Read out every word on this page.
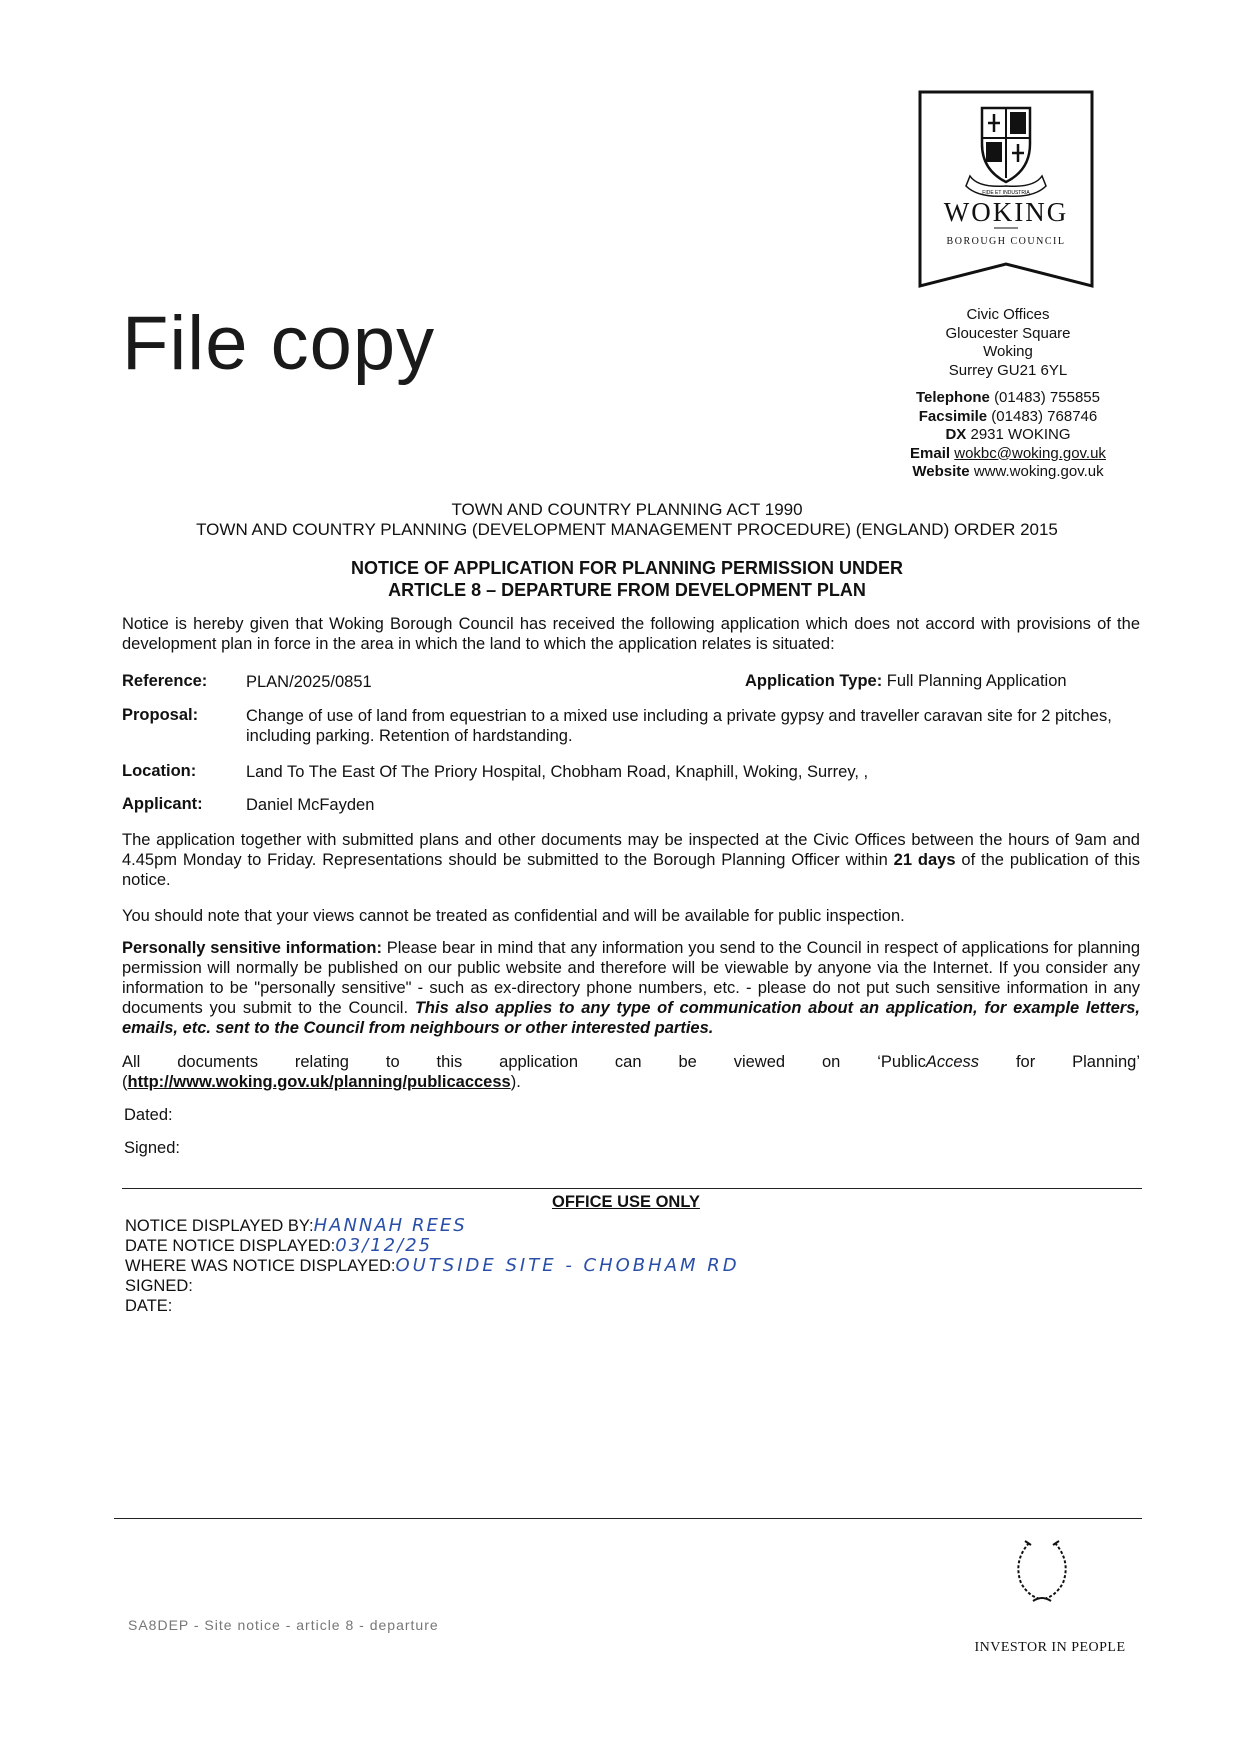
File copy
FIDE ET INDUSTRIA
WOKING
BOROUGH COUNCIL
Civic Offices
Gloucester Square
Woking
Surrey GU21 6YL
Telephone (01483) 755855
Facsimile (01483) 768746
DX 2931 WOKING
Email wokbc@woking.gov.uk
Website www.woking.gov.uk
TOWN AND COUNTRY PLANNING ACT 1990
TOWN AND COUNTRY PLANNING (DEVELOPMENT MANAGEMENT PROCEDURE) (ENGLAND) ORDER 2015
NOTICE OF APPLICATION FOR PLANNING PERMISSION UNDER
ARTICLE 8 – DEPARTURE FROM DEVELOPMENT PLAN
Notice is hereby given that Woking Borough Council has received the following application which does not accord with provisions of the development plan in force in the area in which the land to which the application relates is situated:
Reference: PLAN/2025/0851	Application Type: Full Planning Application
Proposal:	Change of use of land from equestrian to a mixed use including a private gypsy and traveller caravan site for 2 pitches, including parking. Retention of hardstanding.
Location:	Land To The East Of The Priory Hospital, Chobham Road, Knaphill, Woking, Surrey, ,
Applicant:	Daniel McFayden
The application together with submitted plans and other documents may be inspected at the Civic Offices between the hours of 9am and 4.45pm Monday to Friday. Representations should be submitted to the Borough Planning Officer within 21 days of the publication of this notice.
You should note that your views cannot be treated as confidential and will be available for public inspection.
Personally sensitive information: Please bear in mind that any information you send to the Council in respect of applications for planning permission will normally be published on our public website and therefore will be viewable by anyone via the Internet. If you consider any information to be "personally sensitive" - such as ex-directory phone numbers, etc. - please do not put such sensitive information in any documents you submit to the Council. This also applies to any type of communication about an application, for example letters, emails, etc. sent to the Council from neighbours or other interested parties.
All documents relating to this application can be viewed on ‘PublicAccess for Planning’ (http://www.woking.gov.uk/planning/publicaccess).
Dated:
Signed:
OFFICE USE ONLY
NOTICE DISPLAYED BY:HANNAH REES
DATE NOTICE DISPLAYED:03/12/25
WHERE WAS NOTICE DISPLAYED:OUTSIDE SITE - CHOBHAM RD
SIGNED:
DATE:
SA8DEP - Site notice - article 8 - departure
INVESTOR IN PEOPLE
